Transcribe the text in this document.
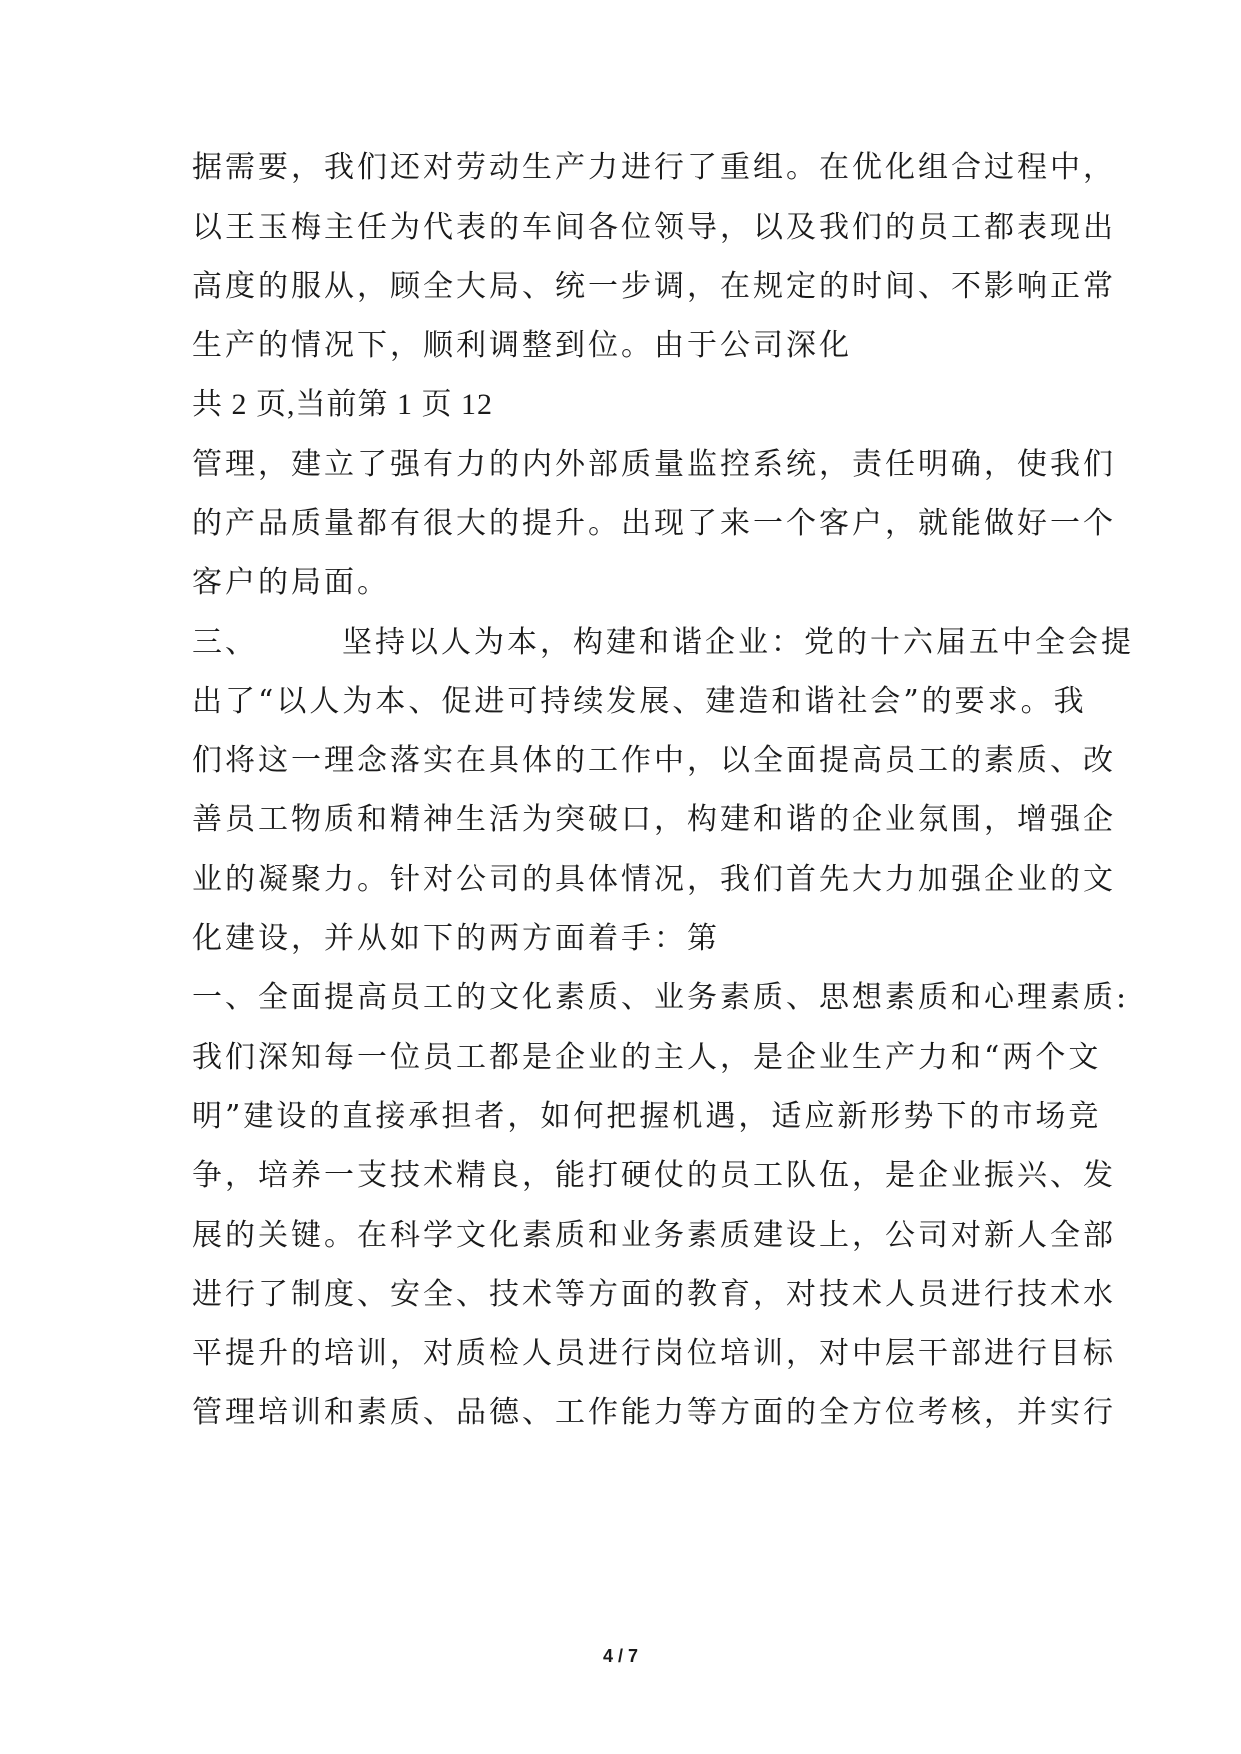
据需要，我们还对劳动生产力进行了重组。在优化组合过程中，
以王玉梅主任为代表的车间各位领导，以及我们的员工都表现出
高度的服从，顾全大局、统一步调，在规定的时间、不影响正常
生产的情况下，顺利调整到位。由于公司深化
共 2 页,当前第 1 页 12
管理，建立了强有力的内外部质量监控系统，责任明确，使我们
的产品质量都有很大的提升。出现了来一个客户，就能做好一个
客户的局面。
三、	坚持以人为本，构建和谐企业：党的十六届五中全会提
出了“以人为本、促进可持续发展、建造和谐社会”的要求。我
们将这一理念落实在具体的工作中，以全面提高员工的素质、改
善员工物质和精神生活为突破口，构建和谐的企业氛围，增强企
业的凝聚力。针对公司的具体情况，我们首先大力加强企业的文
化建设，并从如下的两方面着手：第
一、全面提高员工的文化素质、业务素质、思想素质和心理素质:
我们深知每一位员工都是企业的主人，是企业生产力和“两个文
明”建设的直接承担者，如何把握机遇，适应新形势下的市场竞
争，培养一支技术精良，能打硬仗的员工队伍，是企业振兴、发
展的关键。在科学文化素质和业务素质建设上，公司对新人全部
进行了制度、安全、技术等方面的教育，对技术人员进行技术水
平提升的培训，对质检人员进行岗位培训，对中层干部进行目标
管理培训和素质、品德、工作能力等方面的全方位考核，并实行
4 / 7
